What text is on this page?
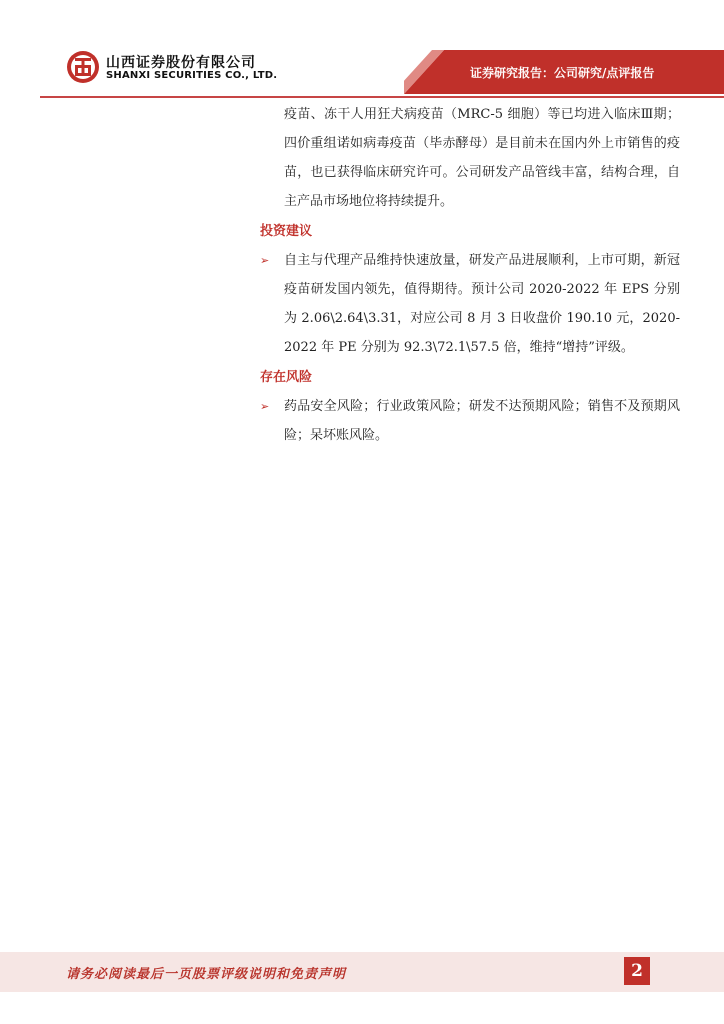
山西证券股份有限公司
SHANXI SECURITIES CO., LTD.	证券研究报告：公司研究/点评报告

疫苗、冻干人用狂犬病疫苗（MRC-5 细胞）等已均进入临床Ⅲ期；四价重组诺如病毒疫苗（毕赤酵母）是目前未在国内外上市销售的疫苗，也已获得临床研究许可。公司研发产品管线丰富，结构合理，自主产品市场地位将持续提升。

投资建议
➢	自主与代理产品维持快速放量，研发产品进展顺利，上市可期，新冠疫苗研发国内领先，值得期待。预计公司 2020-2022 年 EPS 分别为 2.06\2.64\3.31，对应公司 8 月 3 日收盘价 190.10 元，2020-2022 年 PE 分别为 92.3\72.1\57.5 倍，维持“增持”评级。

存在风险
➢	药品安全风险；行业政策风险；研发不达预期风险；销售不及预期风险；呆坏账风险。

请务必阅读最后一页股票评级说明和免责声明	2
